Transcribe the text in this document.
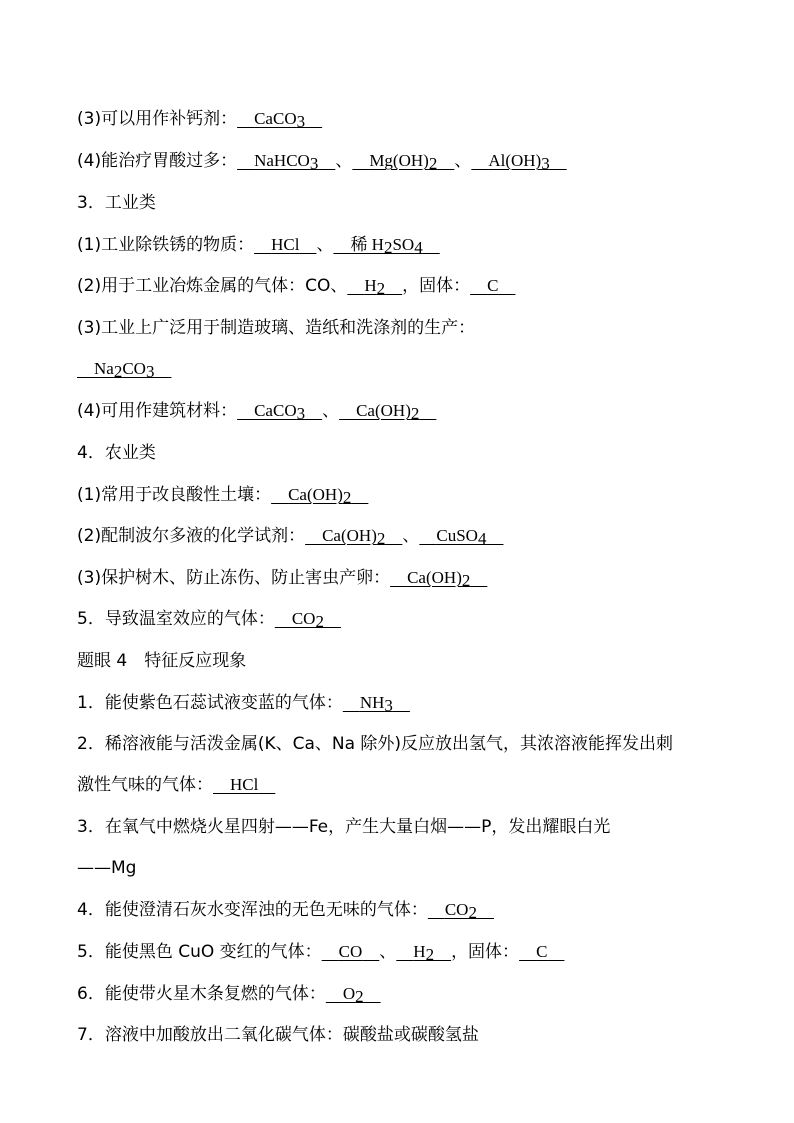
(3)可以用作补钙剂：  CaCO$_3$ 
(4)能治疗胃酸过多：  NaHCO$_3$  、  $Mg(OH)_2$  、  $Al(OH)_3$ 
3．工业类
(1)工业除铁锈的物质：  HCl  、  稀 $H_2SO_4$ 
(2)用于工业冶炼金属的气体：CO、  $H_2$  ，固体：  C 
(3)工业上广泛用于制造玻璃、造纸和洗涤剂的生产：
 $Na_2CO_3$ 
(4)可用作建筑材料：  CaCO$_3$  、  $Ca(OH)_2$ 
4．农业类
(1)常用于改良酸性土壤：  $Ca(OH)_2$ 
(2)配制波尔多液的化学试剂：  $Ca(OH)_2$  、  CuSO$_4$ 
(3)保护树木、防止冻伤、防止害虫产卵：  $Ca(OH)_2$ 
5．导致温室效应的气体：  $CO_2$ 
题眼 4　特征反应现象
1．能使紫色石蕊试液变蓝的气体：  $NH_3$ 
2．稀溶液能与活泼金属(K、Ca、Na 除外)反应放出氢气，其浓溶液能挥发出刺
激性气味的气体：  HCl 
3．在氧气中燃烧火星四射——Fe，产生大量白烟——P，发出耀眼白光
——Mg
4．能使澄清石灰水变浑浊的无色无味的气体：  $CO_2$ 
5．能使黑色 CuO 变红的气体：  CO  、  $H_2$  ，固体：  C 
6．能使带火星木条复燃的气体：  $O_2$ 
7．溶液中加酸放出二氧化碳气体：碳酸盐或碳酸氢盐
